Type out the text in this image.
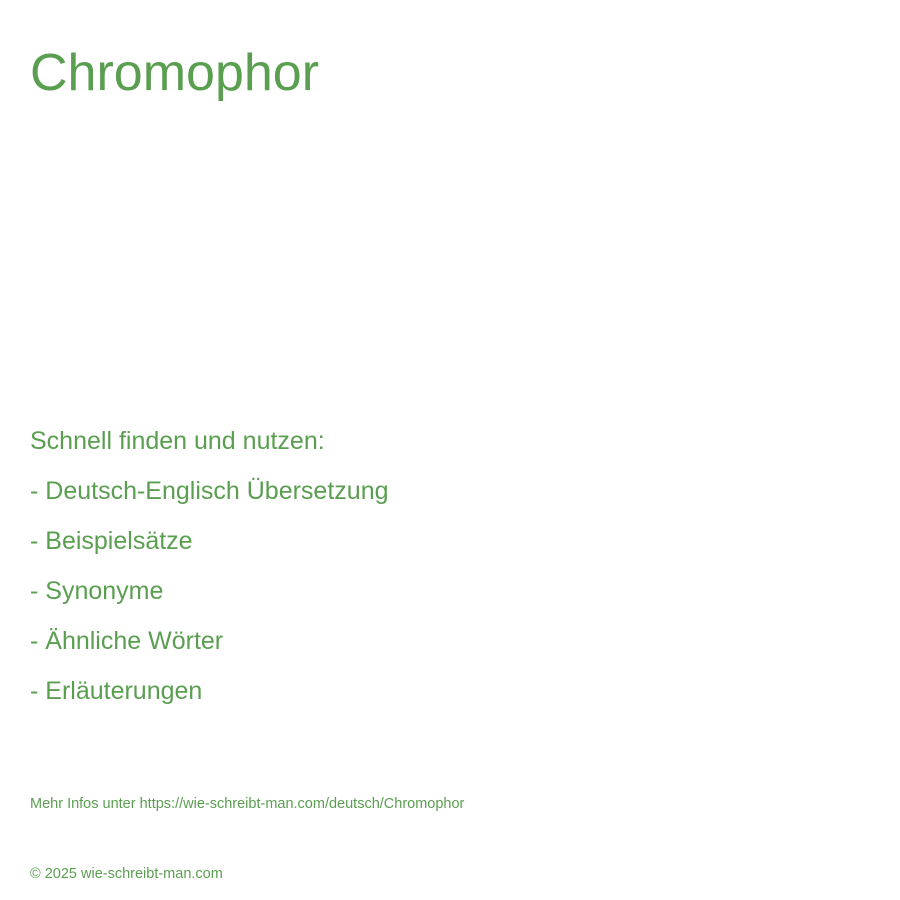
Chromophor
Schnell finden und nutzen:
- Deutsch-Englisch Übersetzung
- Beispielsätze
- Synonyme
- Ähnliche Wörter
- Erläuterungen
Mehr Infos unter https://wie-schreibt-man.com/deutsch/Chromophor
© 2025 wie-schreibt-man.com
